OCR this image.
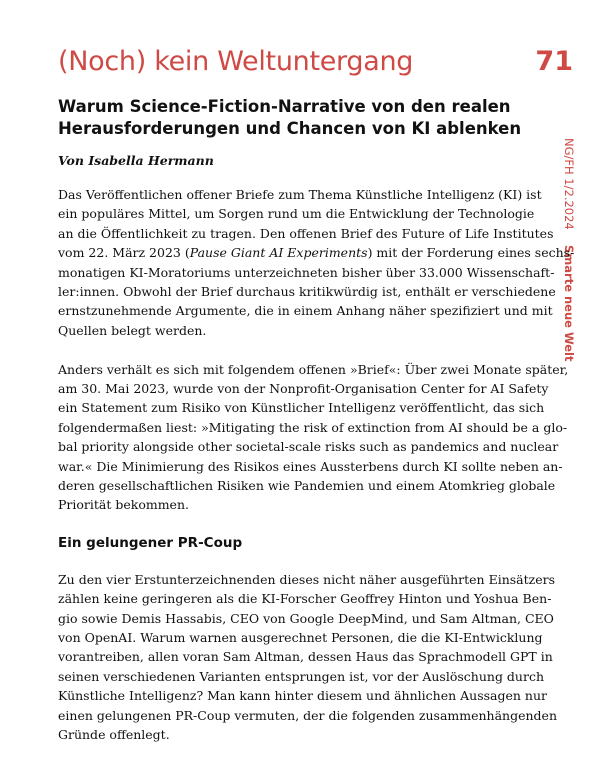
(Noch) kein Weltuntergang	71
Warum Science-Fiction-Narrative von den realen
Herausforderungen und Chancen von KI ablenken
Von Isabella Hermann	NG/FH 1/2.2024 Smarte neue Welt
Das Veröffentlichen offener Briefe zum Thema Künstliche Intelligenz (KI) ist
ein populäres Mittel, um Sorgen rund um die Entwicklung der Technologie
an die Öffentlichkeit zu tragen. Den offenen Brief des Future of Life Institutes
vom 22. März 2023 (Pause Giant AI Experiments) mit der Forderung eines sechs-
monatigen KI-Moratoriums unterzeichneten bisher über 33.000 Wissenschaft-
ler:innen. Obwohl der Brief durchaus kritikwürdig ist, enthält er verschiedene
ernstzunehmende Argumente, die in einem Anhang näher spezifiziert und mit
Quellen belegt werden.
Anders verhält es sich mit folgendem offenen »Brief«: Über zwei Monate später,
am 30. Mai 2023, wurde von der Nonprofit-Organisation Center for AI Safety
ein Statement zum Risiko von Künstlicher Intelligenz veröffentlicht, das sich
folgendermaßen liest: »Mitigating the risk of extinction from AI should be a glo-
bal priority alongside other societal-scale risks such as pandemics and nuclear
war.« Die Minimierung des Risikos eines Aussterbens durch KI sollte neben an-
deren gesellschaftlichen Risiken wie Pandemien und einem Atomkrieg globale
Priorität bekommen.
Ein gelungener PR-Coup
Zu den vier Erstunterzeichnenden dieses nicht näher ausgeführten Einsätzers
zählen keine geringeren als die KI-Forscher Geoffrey Hinton und Yoshua Ben-
gio sowie Demis Hassabis, CEO von Google DeepMind, und Sam Altman, CEO
von OpenAI. Warum warnen ausgerechnet Personen, die die KI-Entwicklung
vorantreiben, allen voran Sam Altman, dessen Haus das Sprachmodell GPT in
seinen verschiedenen Varianten entsprungen ist, vor der Auslöschung durch
Künstliche Intelligenz? Man kann hinter diesem und ähnlichen Aussagen nur
einen gelungenen PR-Coup vermuten, der die folgenden zusammenhängenden
Gründe offenlegt.
